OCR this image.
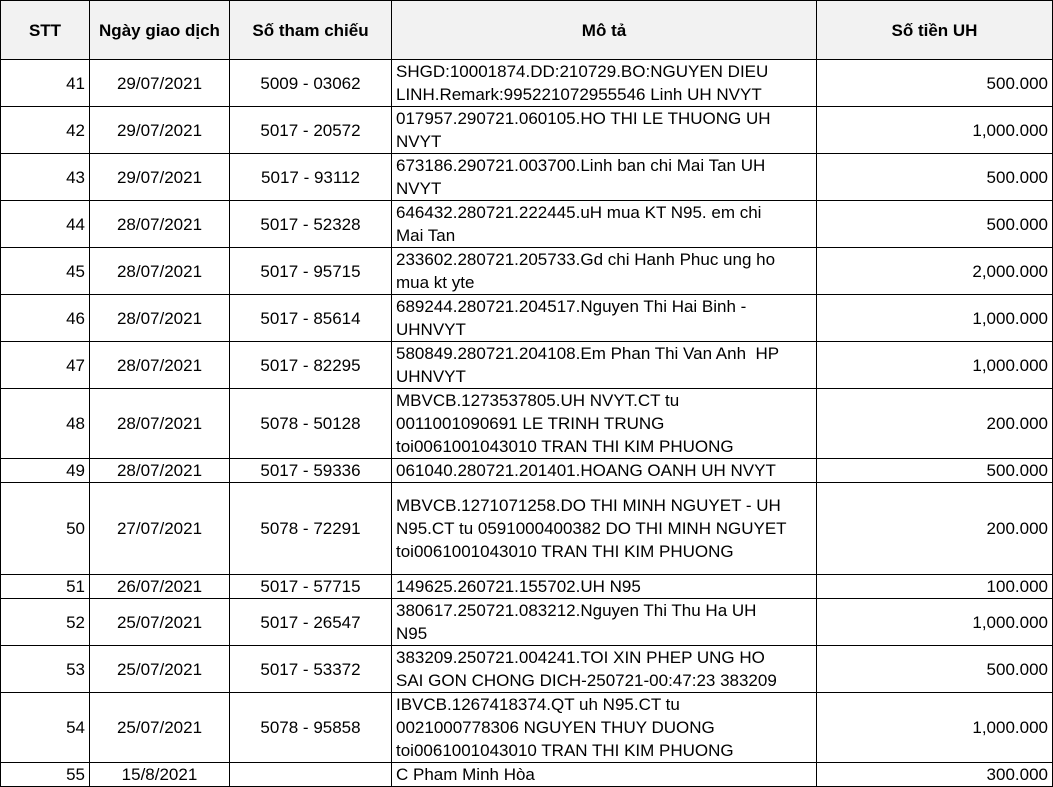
STT	Ngày giao dịch	Số tham chiếu	Mô tả	Số tiền UH
41	29/07/2021	5009 - 03062	SHGD:10001874.DD:210729.BO:NGUYEN DIEU
LINH.Remark:995221072955546 Linh UH NVYT	500.000
42	29/07/2021	5017 - 20572	017957.290721.060105.HO THI LE THUONG UH
NVYT	1,000.000
43	29/07/2021	5017 - 93112	673186.290721.003700.Linh ban chi Mai Tan UH
NVYT	500.000
44	28/07/2021	5017 - 52328	646432.280721.222445.uH mua KT N95. em chi
Mai Tan	500.000
45	28/07/2021	5017 - 95715	233602.280721.205733.Gd chi Hanh Phuc ung ho
mua kt yte	2,000.000
46	28/07/2021	5017 - 85614	689244.280721.204517.Nguyen Thi Hai Binh -
UHNVYT	1,000.000
47	28/07/2021	5017 - 82295	580849.280721.204108.Em Phan Thi Van Anh  HP
UHNVYT	1,000.000
48	28/07/2021	5078 - 50128	MBVCB.1273537805.UH NVYT.CT tu
0011001090691 LE TRINH TRUNG
toi0061001043010 TRAN THI KIM PHUONG	200.000
49	28/07/2021	5017 - 59336	061040.280721.201401.HOANG OANH UH NVYT	500.000
50	27/07/2021	5078 - 72291	MBVCB.1271071258.DO THI MINH NGUYET - UH
N95.CT tu 0591000400382 DO THI MINH NGUYET
toi0061001043010 TRAN THI KIM PHUONG	200.000
51	26/07/2021	5017 - 57715	149625.260721.155702.UH N95	100.000
52	25/07/2021	5017 - 26547	380617.250721.083212.Nguyen Thi Thu Ha UH
N95	1,000.000
53	25/07/2021	5017 - 53372	383209.250721.004241.TOI XIN PHEP UNG HO
SAI GON CHONG DICH-250721-00:47:23 383209	500.000
54	25/07/2021	5078 - 95858	IBVCB.1267418374.QT uh N95.CT tu
0021000778306 NGUYEN THUY DUONG
toi0061001043010 TRAN THI KIM PHUONG	1,000.000
55	15/8/2021		C Pham Minh Hòa	300.000
